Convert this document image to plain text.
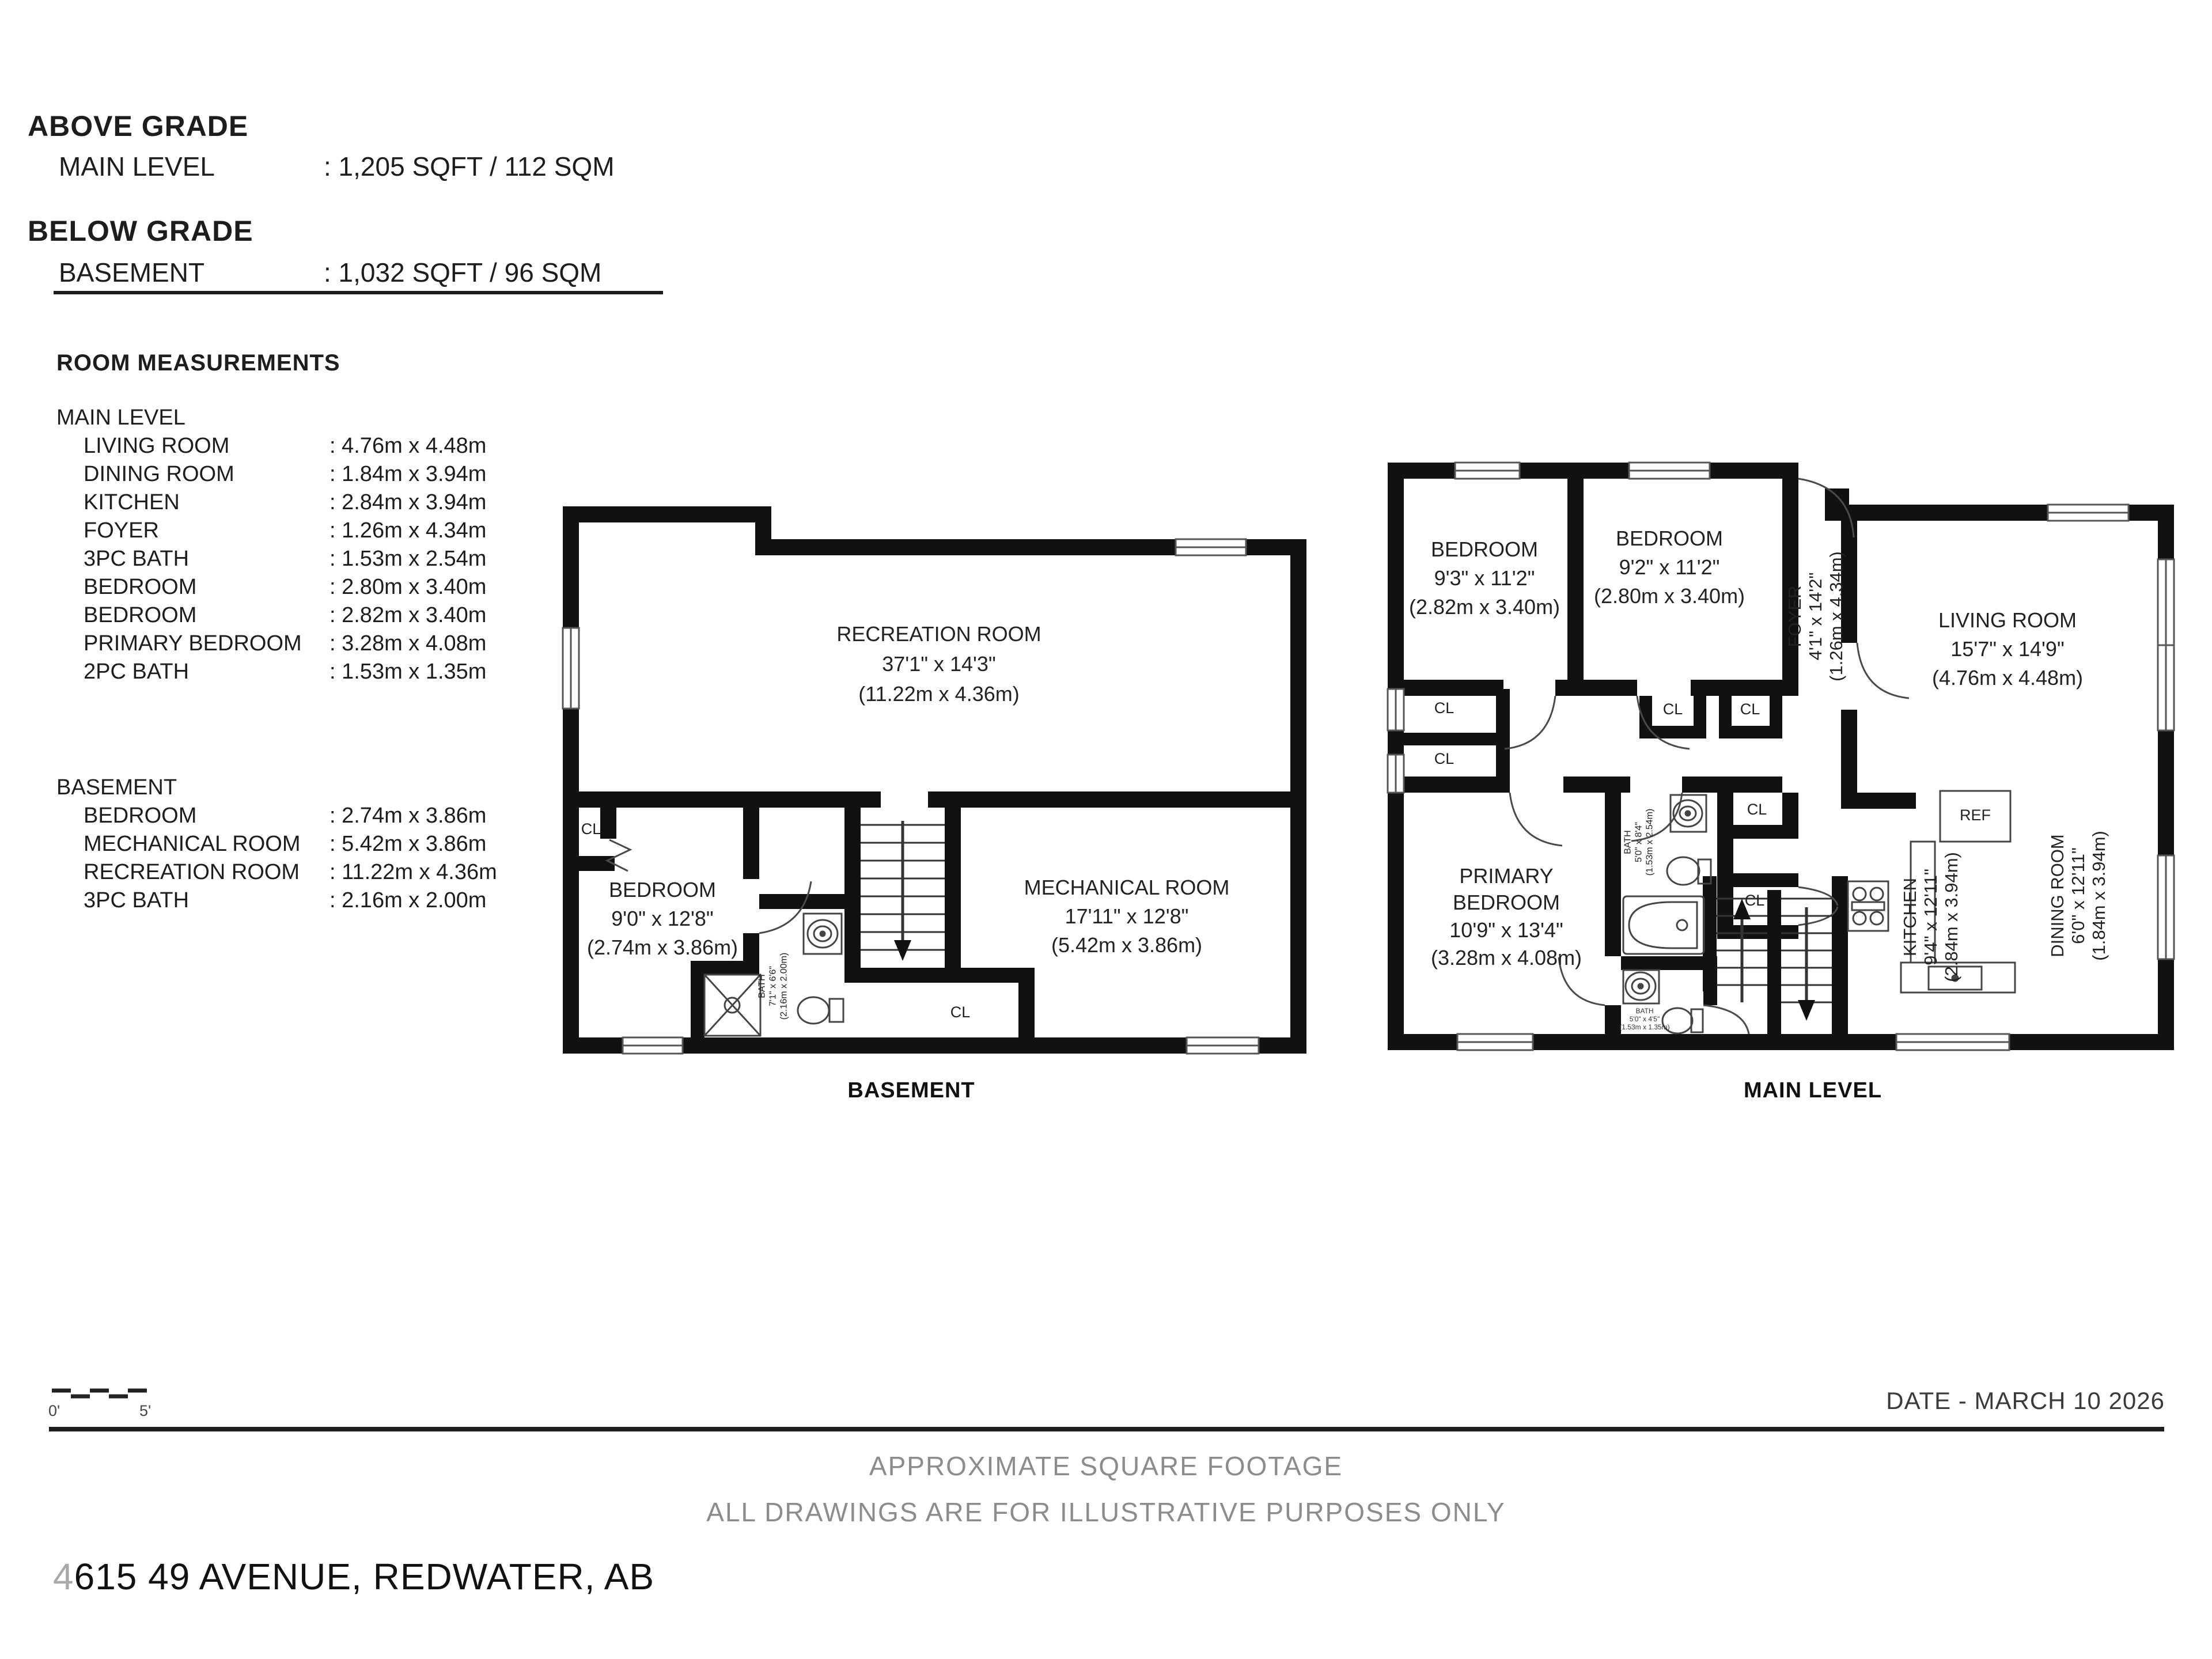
ABOVE GRADE
MAIN LEVEL	: 1,205 SQFT / 112 SQM
BELOW GRADE
BASEMENT	: 1,032 SQFT / 96 SQM
ROOM MEASUREMENTS
MAIN LEVEL
LIVING ROOM	: 4.76m x 4.48m
DINING ROOM	: 1.84m x 3.94m
KITCHEN	: 2.84m x 3.94m
FOYER	: 1.26m x 4.34m
3PC BATH	: 1.53m x 2.54m
BEDROOM	: 2.80m x 3.40m
BEDROOM	: 2.82m x 3.40m
PRIMARY BEDROOM : 3.28m x 4.08m
2PC BATH	: 1.53m x 1.35m
BASEMENT
BEDROOM	: 2.74m x 3.86m
MECHANICAL ROOM : 5.42m x 3.86m
RECREATION ROOM : 11.22m x 4.36m
3PC BATH	: 2.16m x 2.00m
RECREATION ROOM
37'1" x 14'3"
(11.22m x 4.36m)
BEDROOM
9'0" x 12'8"
(2.74m x 3.86m)
MECHANICAL ROOM
17'11" x 12'8"
(5.42m x 3.86m)
BATH 7'1" x 6'6" (2.16m x 2.00m)
CL
CL
BASEMENT
BEDROOM
9'3" x 11'2"
(2.82m x 3.40m)
BEDROOM
9'2" x 11'2"
(2.80m x 3.40m) FOYER 4'1" x 14'2" (1.26m x 4.34m)	LIVING ROOM
15'7" x 14'9"
(4.76m x 4.48m)
PRIMARY
BEDROOM
10'9" x 13'4"
(3.28m x 4.08m)
BATH 5'0" x 8'4" (1.53m x 2.54m)
BATH
5'0" x 4'5"
(1.53m x 1.35m)
KITCHEN 9'4" x 12'11" (2.84m x 3.94m)	DINING ROOM 6'0" x 12'11" (1.84m x 3.94m)
REF
CL
CL
CL	CL
CL
CL
MAIN LEVEL
0'	5'	DATE - MARCH 10 2026
APPROXIMATE SQUARE FOOTAGE
ALL DRAWINGS ARE FOR ILLUSTRATIVE PURPOSES ONLY
4615 49 AVENUE, REDWATER, AB
